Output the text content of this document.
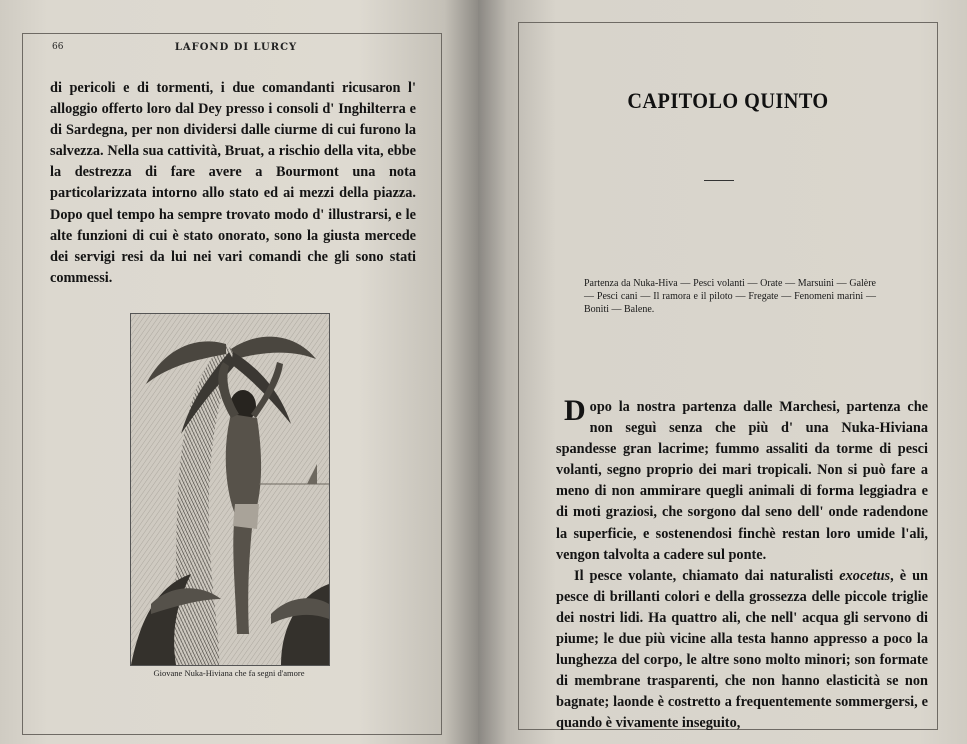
66	LAFOND DI LURCY

di pericoli e di tormenti, i due comandanti ricusaron l' alloggio offerto loro dal Dey presso i consoli d' Inghilterra e di Sardegna, per non dividersi dalle ciurme di cui furono la salvezza. Nella sua cattività, Bruat, a rischio della vita, ebbe la destrezza di fare avere a Bourmont una nota particolarizzata intorno allo stato ed ai mezzi della piazza. Dopo quel tempo ha sempre trovato modo d' illustrarsi, e le alte funzioni di cui è stato onorato, sono la giusta mercede dei servigi resi da lui nei vari comandi che gli sono stati commessi.

Giovane Nuka-Hiviana che fa segni d'amore
CAPITOLO QUINTO
Partenza da Nuka-Hiva — Pesci volanti — Orate — Marsuini — Galère — Pesci cani — Il ramora e il piloto — Fregate — Fenomeni marini — Boniti — Balene.

Dopo la nostra partenza dalle Marchesi, partenza che non seguì senza che più d' una Nuka-Hiviana spandesse gran lacrime; fummo assaliti da torme di pesci volanti, segno proprio dei mari tropicali. Non si può fare a meno di non ammirare quegli animali di forma leggiadra e di moti graziosi, che sorgono dal seno dell' onde radendone la superficie, e sostenendosi finchè restan loro umide l'ali, vengon talvolta a cadere sul ponte.

Il pesce volante, chiamato dai naturalisti exocetus, è un pesce di brillanti colori e della grossezza delle piccole triglie dei nostri lidi. Ha quattro ali, che nell' acqua gli servono di piume; le due più vicine alla testa hanno appresso a poco la lunghezza del corpo, le altre sono molto minori; son formate di membrane trasparenti, che non hanno elasticità se non bagnate; laonde è costretto a frequentemente sommergersi, e quando è vivamente inseguito,
